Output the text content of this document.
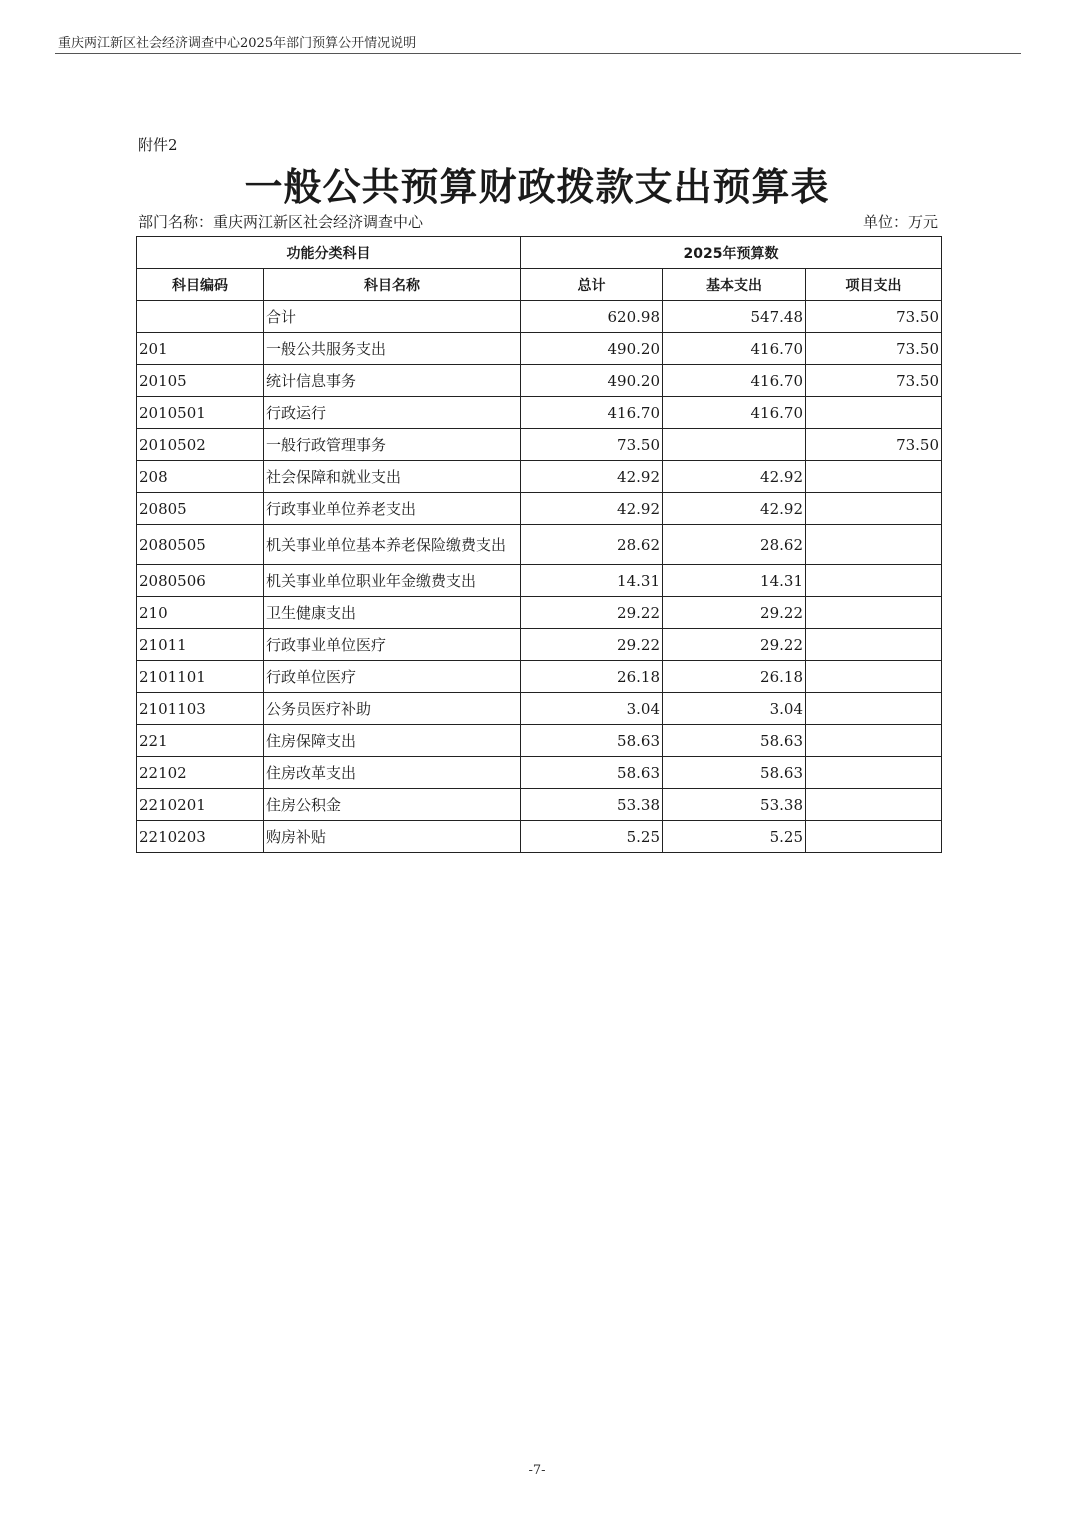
重庆两江新区社会经济调查中心2025年部门预算公开情况说明
附件2
一般公共预算财政拨款支出预算表
部门名称：重庆两江新区社会经济调查中心	单位：万元
功能分类科目		2025年预算数		
科目编码	科目名称	总计	基本支出	项目支出
	合计	620.98	547.48	73.50
201	一般公共服务支出	490.20	416.70	73.50
20105	统计信息事务	490.20	416.70	73.50
2010501	行政运行	416.70	416.70	
2010502	一般行政管理事务	73.50		73.50
208	社会保障和就业支出	42.92	42.92	
20805	行政事业单位养老支出	42.92	42.92	
2080505	机关事业单位基本养老保险缴费支出	28.62	28.62	
2080506	机关事业单位职业年金缴费支出	14.31	14.31	
210	卫生健康支出	29.22	29.22	
21011	行政事业单位医疗	29.22	29.22	
2101101	行政单位医疗	26.18	26.18	
2101103	公务员医疗补助	3.04	3.04	
221	住房保障支出	58.63	58.63	
22102	住房改革支出	58.63	58.63	
2210201	住房公积金	53.38	53.38	
2210203	购房补贴	5.25	5.25	
-7-
